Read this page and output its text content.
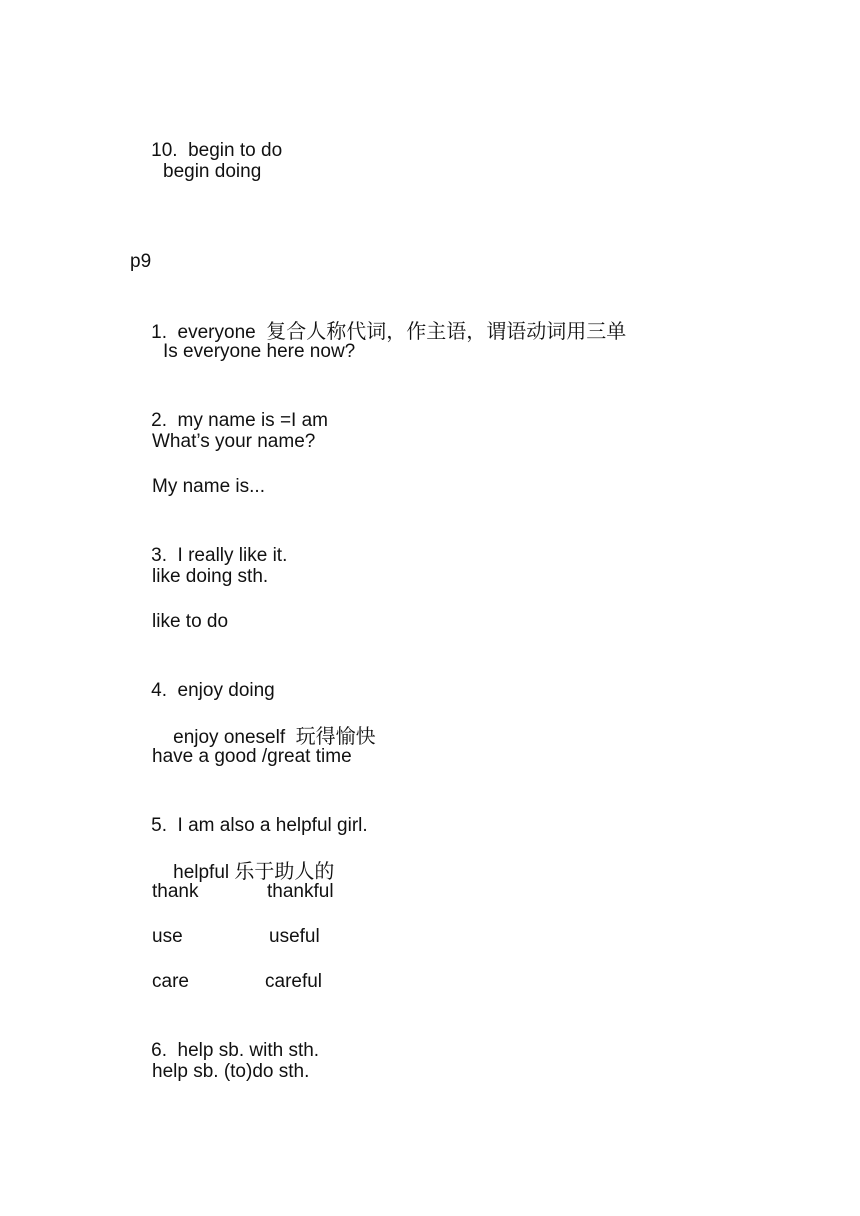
10. begin to do

begin doing
p9

1. everyone 复合人称代词，作主语，谓语动词用三单

Is everyone here now?

2. my name is =I am

What’s your name?
My name is...

3. I really like it.

like doing sth.
like to do

4. enjoy doing

enjoy oneself 玩得愉快

have a good /great time

5. I am also a helpful girl.

helpful 乐于助人的

thank	thankful
use	useful
care	careful

6. help sb. with sth.

help sb. (to)do sth.
